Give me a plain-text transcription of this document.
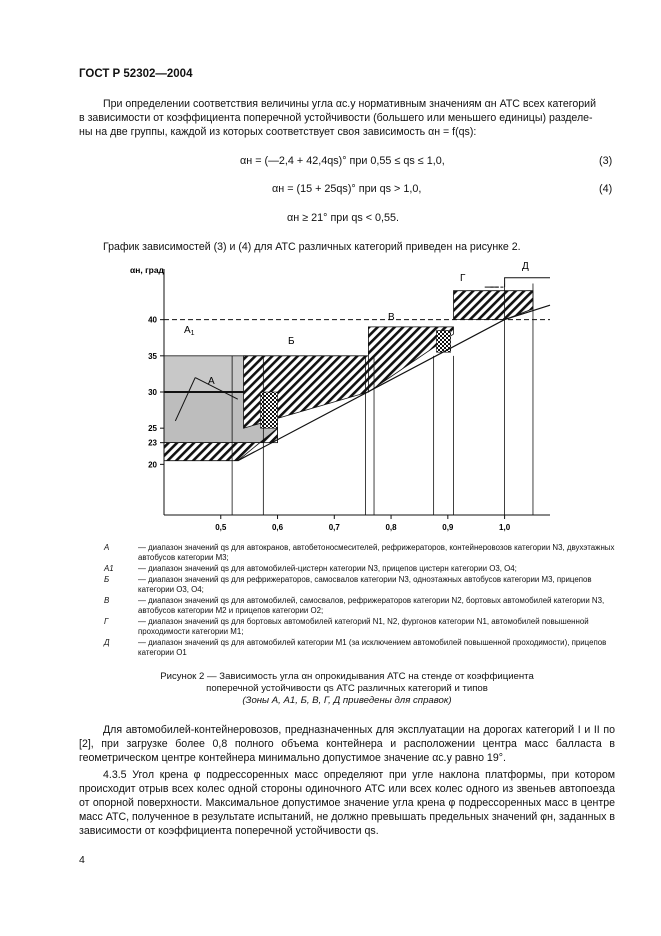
ГОСТ Р 52302—2004
При определении соответствия величины угла αс.у нормативным значениям αн АТС всех категорий
в зависимости от коэффициента поперечной устойчивости (большего или меньшего единицы) разделе-
ны на две группы, каждой из которых соответствует своя зависимость αн = f(qs):
αн = (—2,4 + 42,4qs)° при 0,55 ≤ qs ≤ 1,0,	(3)
αн = (15 + 25qs)° при qs > 1,0,	(4)
αн ≥ 21° при qs < 0,55.
График зависимостей (3) и (4) для АТС различных категорий приведен на рисунке 2.
0,5	0,6	0,7	0,8	0,9	1,0
20
23
25
30
35
40
αн, град
А
$А_1$
Б
В
Г
Д
А	— диапазон значений qs для автокранов, автобетоносмесителей, рефрижераторов, контейнеровозов категории N3, двухэтажных автобусов категории M3;
А1	— диапазон значений qs для автомобилей-цистерн категории N3, прицепов цистерн категории О3, О4;
Б	— диапазон значений qs для рефрижераторов, самосвалов категории N3, одноэтажных автобусов категории M3, прицепов категории О3, О4;
В	— диапазон значений qs для автомобилей, самосвалов, рефрижераторов категории N2, бортовых автомобилей категории N3, автобусов категории M2 и прицепов категории О2;
Г	— диапазон значений qs для бортовых автомобилей категорий N1, N2, фургонов категории N1, автомобилей повышенной проходимости категории M1;
Д	— диапазон значений qs для автомобилей категории M1 (за исключением автомобилей повышенной проходимости), прицепов категории О1
Рисунок 2 — Зависимость угла αн опрокидывания АТС на стенде от коэффициента
поперечной устойчивости qs АТС различных категорий и типов
(Зоны А, А1, Б, В, Г, Д приведены для справок)
Для автомобилей-контейнеровозов, предназначенных для эксплуатации на дорогах категорий I и II по [2], при загрузке более 0,8 полного объема контейнера и расположении центра масс балласта в геометрическом центре контейнера минимально допустимое значение αс.у равно 19°.
4.3.5 Угол крена φ подрессоренных масс определяют при угле наклона платформы, при котором происходит отрыв всех колес одной стороны одиночного АТС или всех колес одного из звеньев автопоезда от опорной поверхности. Максимальное допустимое значение угла крена φ подрессоренных масс в центре масс АТС, полученное в результате испытаний, не должно превышать предельных значений φн, заданных в зависимости от коэффициента поперечной устойчивости qs.
4
